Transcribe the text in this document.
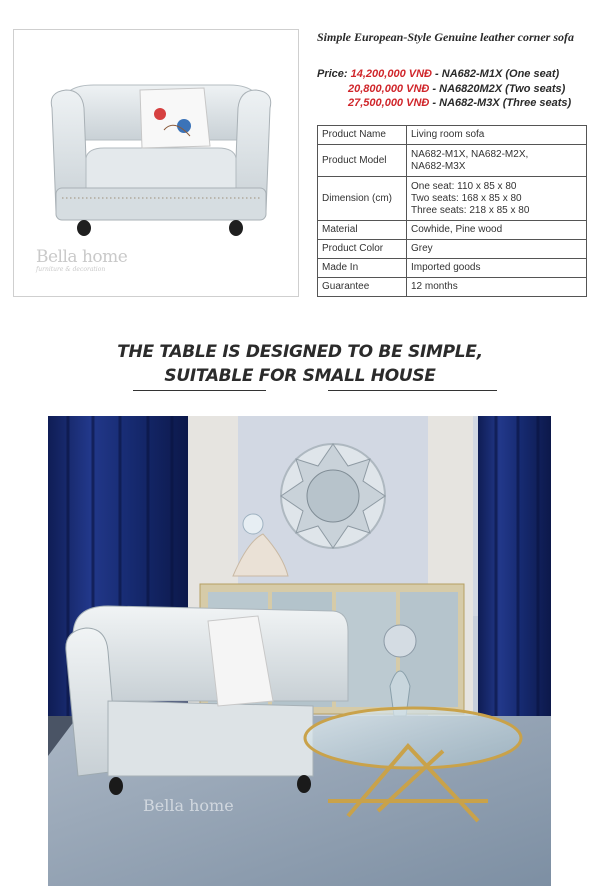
Bella home
furniture & decoration
Simple European-Style Genuine leather corner sofa
Price: 14,200,000 VNĐ - NA682-M1X (One seat)
20,800,000 VNĐ - NA6820M2X (Two seats)
27,500,000 VNĐ - NA682-M3X (Three seats)
Product Name	Living room sofa
Product Model	NA682-M1X, NA682-M2X,
NA682-M3X
Dimension (cm)	One seat: 110 x 85 x 80
Two seats: 168 x 85 x 80
Three seats: 218 x 85 x 80
Material	Cowhide, Pine wood
Product Color	Grey
Made In	Imported goods
Guarantee	12 months
THE TABLE IS DESIGNED TO BE SIMPLE,
SUITABLE FOR SMALL HOUSE
Bella home
